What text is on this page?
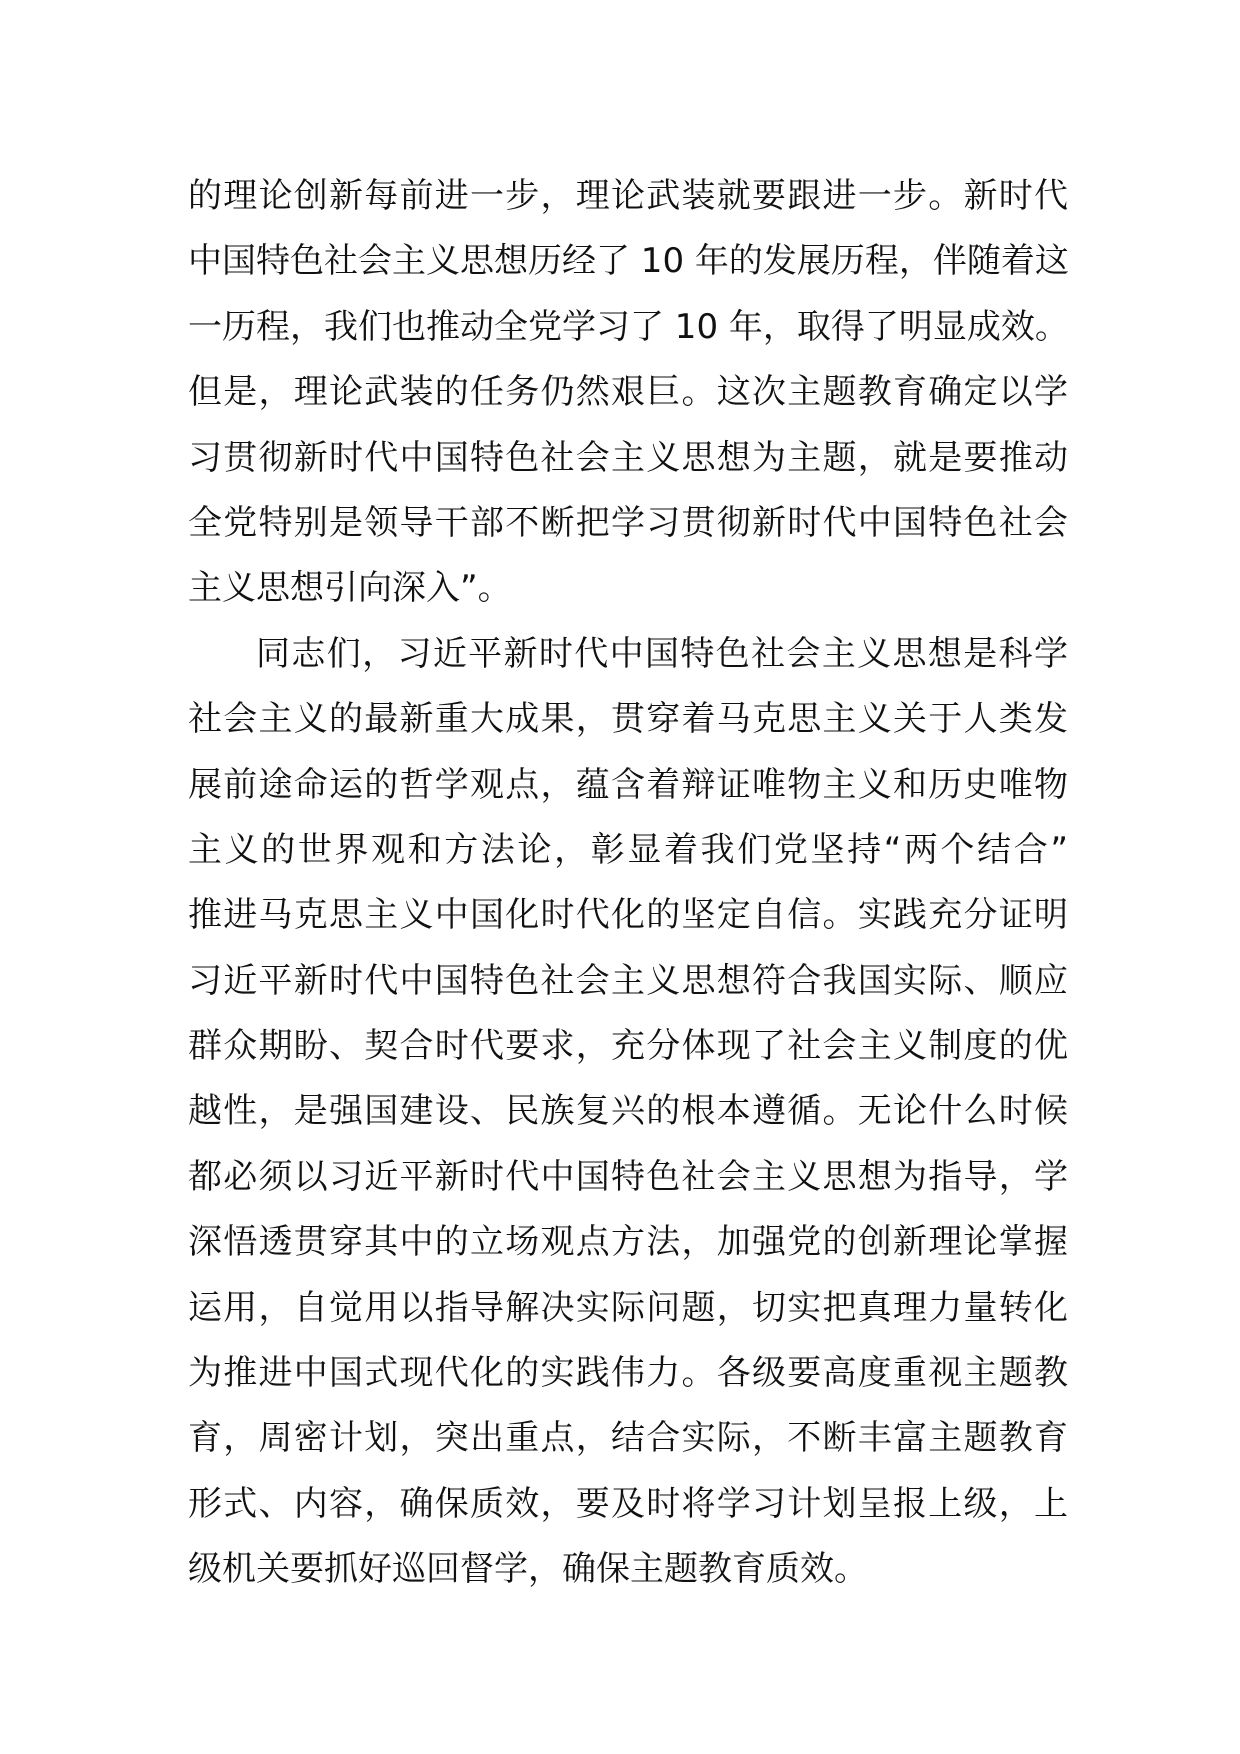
的理论创新每前进一步，理论武装就要跟进一步。新时代
中国特色社会主义思想历经了 10 年的发展历程，伴随着这
一历程，我们也推动全党学习了 10 年，取得了明显成效。
但是，理论武装的任务仍然艰巨。这次主题教育确定以学
习贯彻新时代中国特色社会主义思想为主题，就是要推动
全党特别是领导干部不断把学习贯彻新时代中国特色社会
主义思想引向深入”。
同志们，习近平新时代中国特色社会主义思想是科学
社会主义的最新重大成果，贯穿着马克思主义关于人类发
展前途命运的哲学观点，蕴含着辩证唯物主义和历史唯物
主义的世界观和方法论，彰显着我们党坚持“两个结合”
推进马克思主义中国化时代化的坚定自信。实践充分证明
习近平新时代中国特色社会主义思想符合我国实际、顺应
群众期盼、契合时代要求，充分体现了社会主义制度的优
越性，是强国建设、民族复兴的根本遵循。无论什么时候
都必须以习近平新时代中国特色社会主义思想为指导，学
深悟透贯穿其中的立场观点方法，加强党的创新理论掌握
运用，自觉用以指导解决实际问题，切实把真理力量转化
为推进中国式现代化的实践伟力。各级要高度重视主题教
育，周密计划，突出重点，结合实际，不断丰富主题教育
形式、内容，确保质效，要及时将学习计划呈报上级，上
级机关要抓好巡回督学，确保主题教育质效。
